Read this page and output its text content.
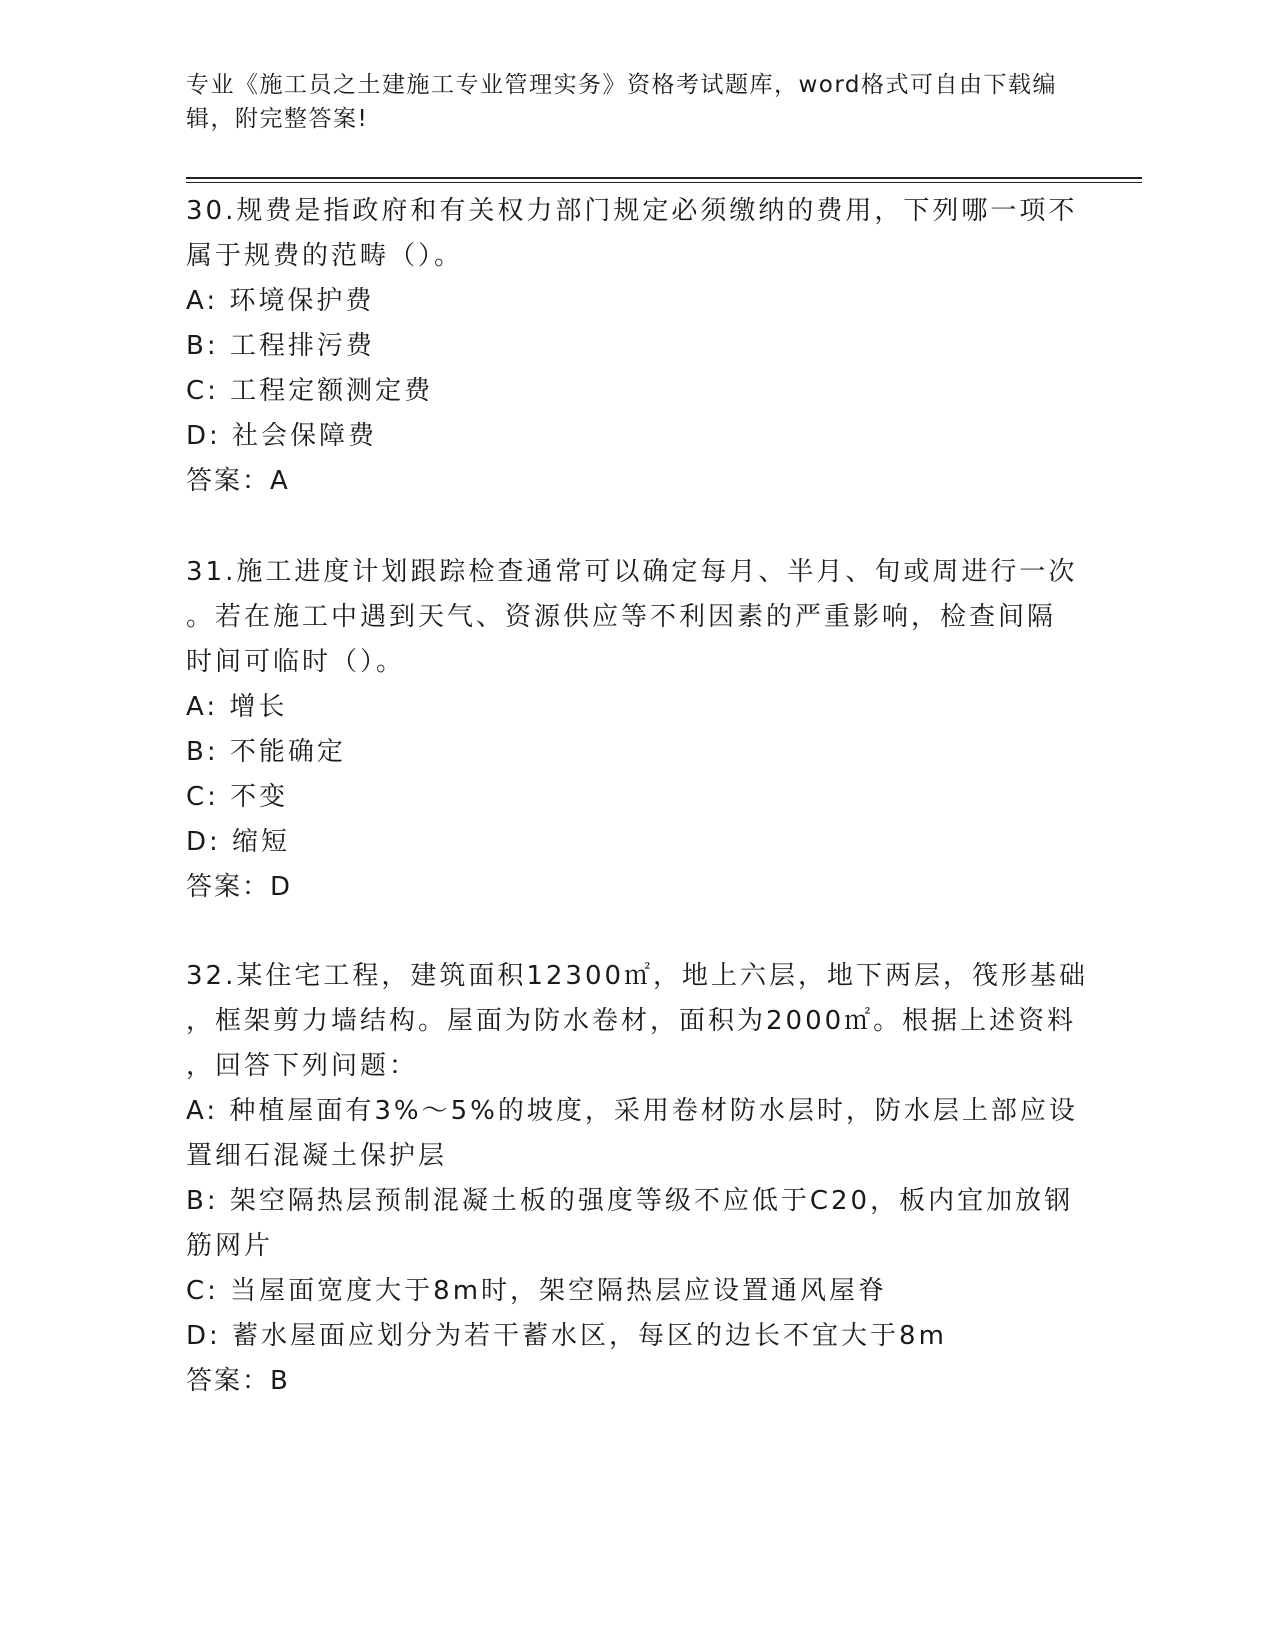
专业《施工员之土建施工专业管理实务》资格考试题库，word格式可自由下载编
辑，附完整答案!

30.规费是指政府和有关权力部门规定必须缴纳的费用，下列哪一项不

属于规费的范畴（）。

A: 环境保护费

B: 工程排污费

C: 工程定额测定费

D: 社会保障费

答案：A

31.施工进度计划跟踪检查通常可以确定每月、半月、旬或周进行一次

。若在施工中遇到天气、资源供应等不利因素的严重影响，检查间隔

时间可临时（）。

A: 增长

B: 不能确定

C: 不变

D: 缩短

答案：D

32.某住宅工程，建筑面积12300㎡，地上六层，地下两层，筏形基础

，框架剪力墙结构。屋面为防水卷材，面积为2000㎡。根据上述资料

，回答下列问题：

A: 种植屋面有3%～5%的坡度，采用卷材防水层时，防水层上部应设

置细石混凝土保护层

B: 架空隔热层预制混凝土板的强度等级不应低于C20，板内宜加放钢

筋网片

C: 当屋面宽度大于8m时，架空隔热层应设置通风屋脊

D: 蓄水屋面应划分为若干蓄水区，每区的边长不宜大于8m

答案：B
